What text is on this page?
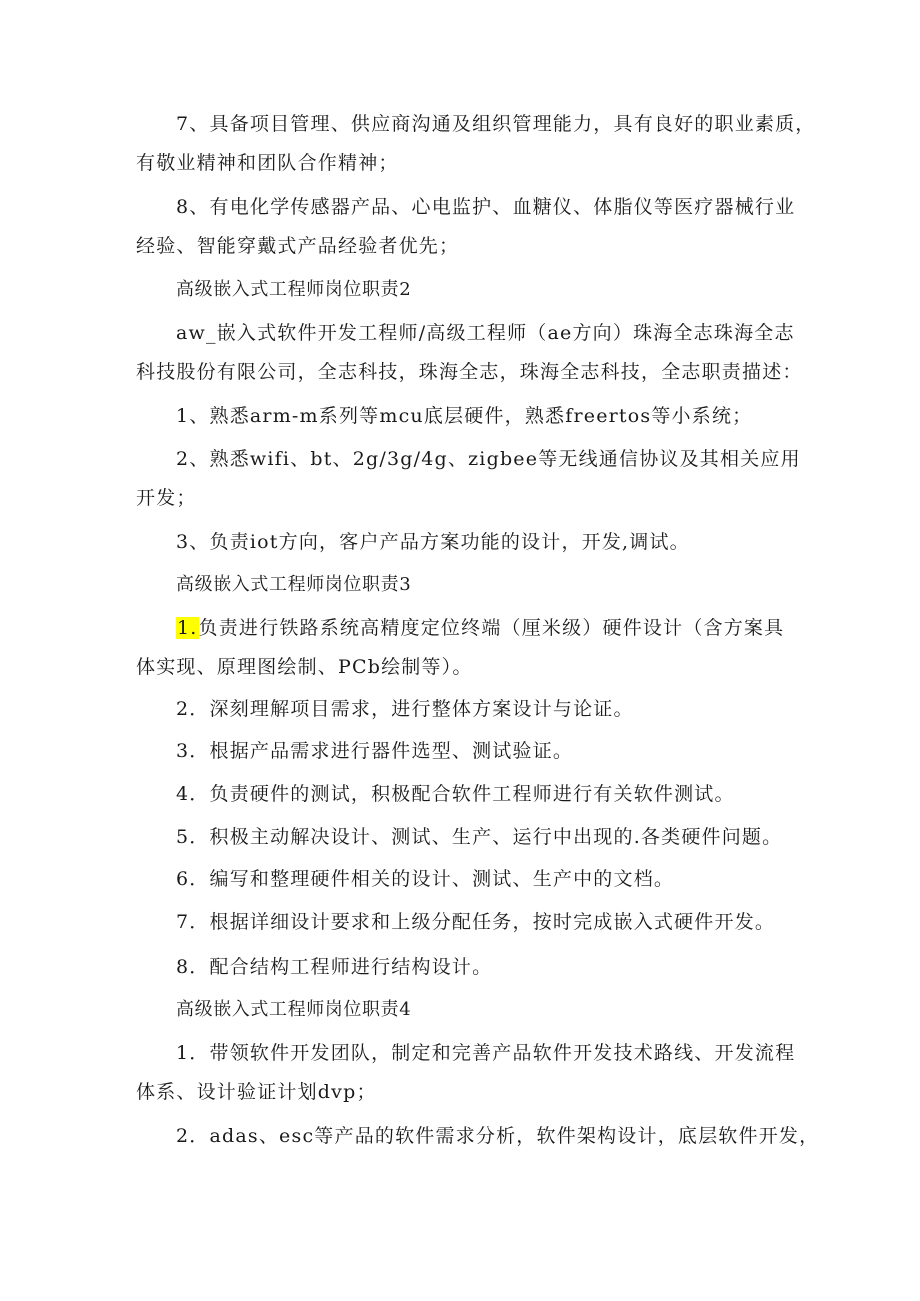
7、具备项目管理、供应商沟通及组织管理能力，具有良好的职业素质，
有敬业精神和团队合作精神；
8、有电化学传感器产品、心电监护、血糖仪、体脂仪等医疗器械行业
经验、智能穿戴式产品经验者优先；
高级嵌入式工程师岗位职责2
aw_嵌入式软件开发工程师/高级工程师（ae方向）珠海全志珠海全志
科技股份有限公司，全志科技，珠海全志，珠海全志科技，全志职责描述：
1、熟悉arm-m系列等mcu底层硬件，熟悉freertos等小系统；
2、熟悉wifi、bt、2g/3g/4g、zigbee等无线通信协议及其相关应用
开发；
3、负责iot方向，客户产品方案功能的设计，开发,调试。
高级嵌入式工程师岗位职责3
1.负责进行铁路系统高精度定位终端（厘米级）硬件设计（含方案具
体实现、原理图绘制、PCb绘制等）。
2．深刻理解项目需求，进行整体方案设计与论证。
3．根据产品需求进行器件选型、测试验证。
4．负责硬件的测试，积极配合软件工程师进行有关软件测试。
5．积极主动解决设计、测试、生产、运行中出现的.各类硬件问题。
6．编写和整理硬件相关的设计、测试、生产中的文档。
7．根据详细设计要求和上级分配任务，按时完成嵌入式硬件开发。
8．配合结构工程师进行结构设计。
高级嵌入式工程师岗位职责4
1．带领软件开发团队，制定和完善产品软件开发技术路线、开发流程
体系、设计验证计划dvp；
2．adas、esc等产品的软件需求分析，软件架构设计，底层软件开发，
